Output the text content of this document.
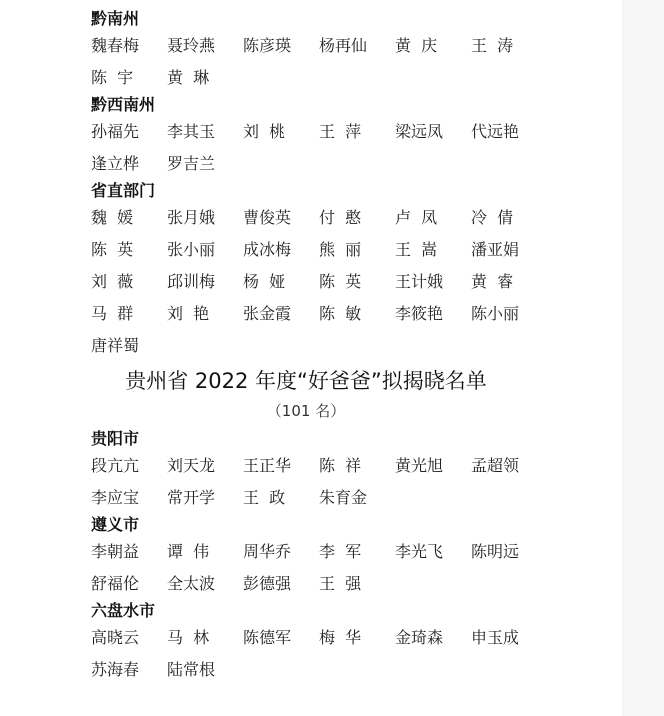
黔南州
魏春梅	聂玲燕	陈彦瑛	杨再仙	黄  庆	王  涛
陈  宇	黄  琳
黔西南州
孙福先	李其玉	刘  桃	王  萍	梁远凤	代远艳
逢立桦	罗吉兰
省直部门
魏  媛	张月娥	曹俊英	付  憨	卢  凤	冷  倩
陈  英	张小丽	成冰梅	熊  丽	王  嵩	潘亚娟
刘  薇	邱训梅	杨  娅	陈  英	王计娥	黄  睿
马  群	刘  艳	张金霞	陈  敏	李筱艳	陈小丽
唐祥蜀
贵州省 2022 年度“好爸爸”拟揭晓名单
（101 名）
贵阳市
段亢亢	刘天龙	王正华	陈  祥	黄光旭	孟超领
李应宝	常开学	王  政	朱育金
遵义市
李朝益	谭  伟	周华乔	李  军	李光飞	陈明远
舒福伦	全太波	彭德强	王  强
六盘水市
高晓云	马  林	陈德军	梅  华	金琦森	申玉成
苏海春	陆常根
